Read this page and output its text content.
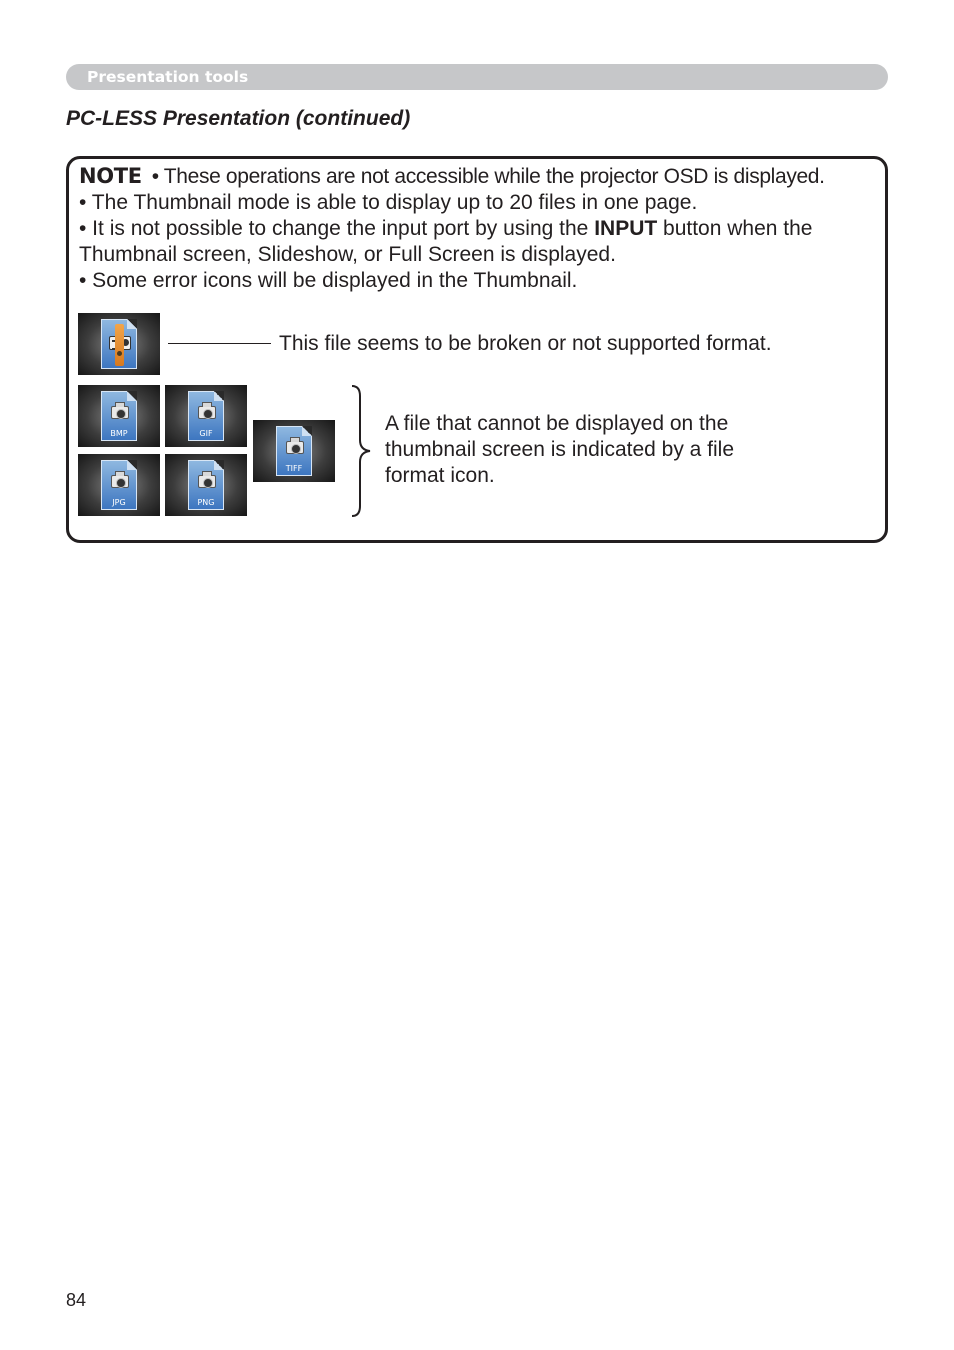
Presentation tools
PC-LESS Presentation (continued)

NOTE • These operations are not accessible while the projector OSD is displayed.

• The Thumbnail mode is able to display up to 20 files in one page.

• It is not possible to change the input port by using the INPUT button when the

Thumbnail screen, Slideshow, or Full Screen is displayed.

• Some error icons will be displayed in the Thumbnail.

This file seems to be broken or not supported format.
BMP	GIF
JPG	PNG
TIFF

A file that cannot be displayed on the

thumbnail screen is indicated by a file

format icon.

84
